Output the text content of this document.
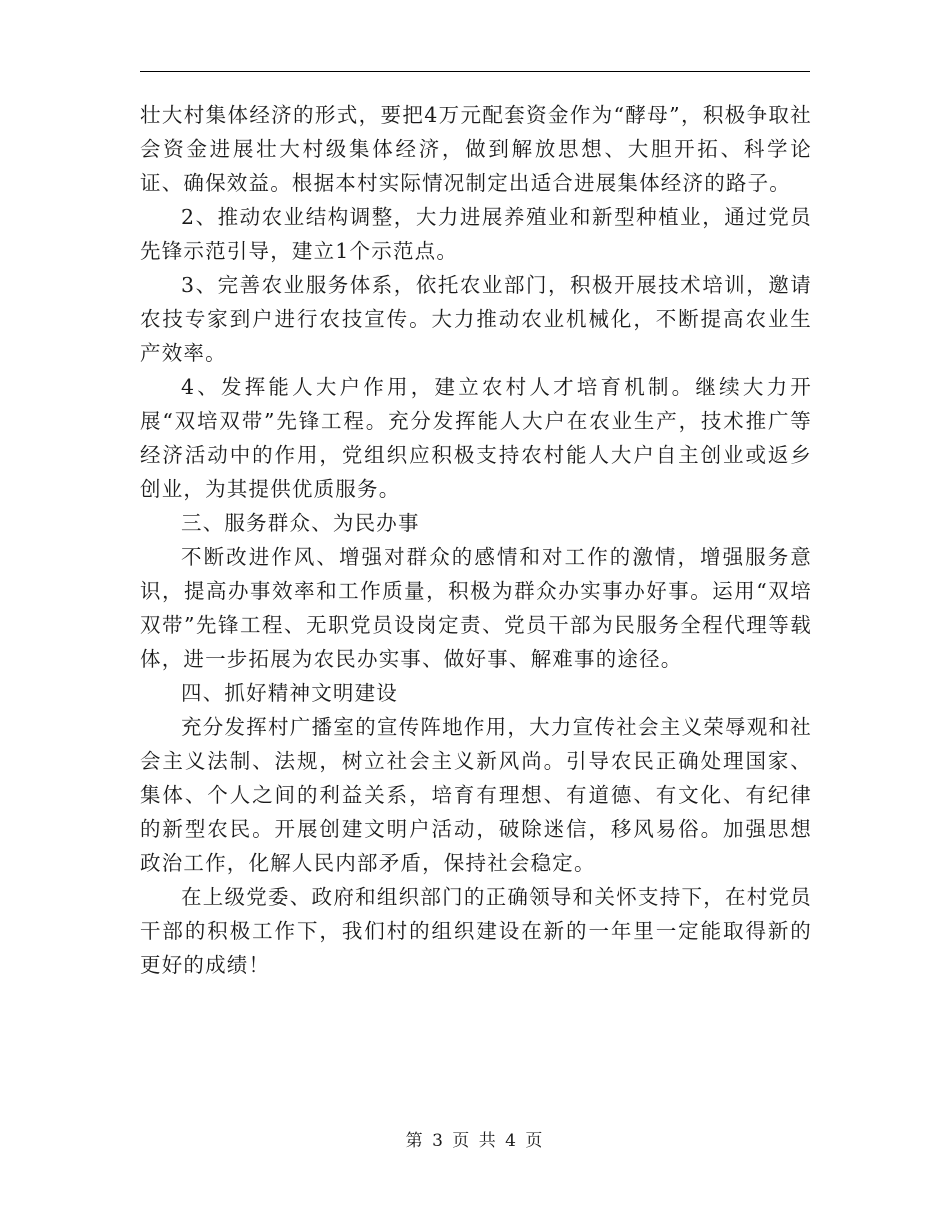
壮大村集体经济的形式，要把4万元配套资金作为“酵母”，积极争取社会资金进展壮大村级集体经济，做到解放思想、大胆开拓、科学论证、确保效益。根据本村实际情况制定出适合进展集体经济的路子。

2、推动农业结构调整，大力进展养殖业和新型种植业，通过党员先锋示范引导，建立1个示范点。

3、完善农业服务体系，依托农业部门，积极开展技术培训，邀请农技专家到户进行农技宣传。大力推动农业机械化，不断提高农业生产效率。

4、发挥能人大户作用，建立农村人才培育机制。继续大力开展“双培双带”先锋工程。充分发挥能人大户在农业生产，技术推广等经济活动中的作用，党组织应积极支持农村能人大户自主创业或返乡创业，为其提供优质服务。

三、服务群众、为民办事

不断改进作风、增强对群众的感情和对工作的激情，增强服务意识，提高办事效率和工作质量，积极为群众办实事办好事。运用“双培双带”先锋工程、无职党员设岗定责、党员干部为民服务全程代理等载体，进一步拓展为农民办实事、做好事、解难事的途径。

四、抓好精神文明建设

充分发挥村广播室的宣传阵地作用，大力宣传社会主义荣辱观和社会主义法制、法规，树立社会主义新风尚。引导农民正确处理国家、集体、个人之间的利益关系，培育有理想、有道德、有文化、有纪律的新型农民。开展创建文明户活动，破除迷信，移风易俗。加强思想政治工作，化解人民内部矛盾，保持社会稳定。

在上级党委、政府和组织部门的正确领导和关怀支持下，在村党员干部的积极工作下，我们村的组织建设在新的一年里一定能取得新的更好的成绩！

第 3 页 共 4 页
